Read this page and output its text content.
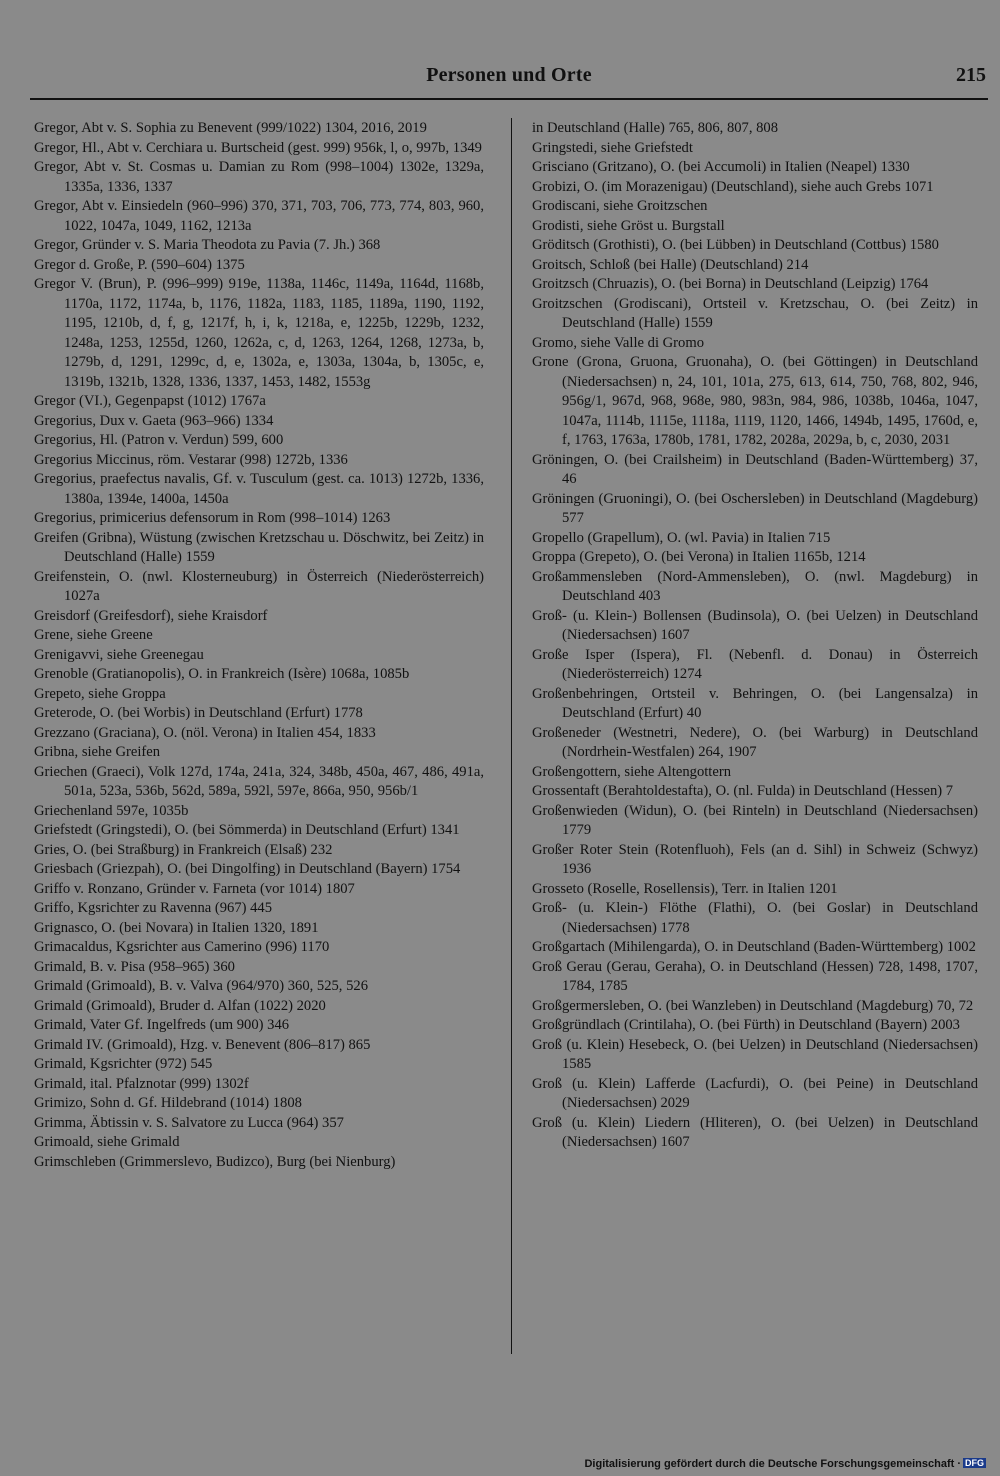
Personen und Orte	215
Gregor, Abt v. S. Sophia zu Benevent (999/1022) 1304, 2016, 2019
Gregor, Hl., Abt v. Cerchiara u. Burtscheid (gest. 999) 956k, l, o, 997b, 1349
Gregor, Abt v. St. Cosmas u. Damian zu Rom (998–1004) 1302e, 1329a, 1335a, 1336, 1337
Gregor, Abt v. Einsiedeln (960–996) 370, 371, 703, 706, 773, 774, 803, 960, 1022, 1047a, 1049, 1162, 1213a
Gregor, Gründer v. S. Maria Theodota zu Pavia (7. Jh.) 368
Gregor d. Große, P. (590–604) 1375
Gregor V. (Brun), P. (996–999) 919e, 1138a, 1146c, 1149a, 1164d, 1168b, 1170a, 1172, 1174a, b, 1176, 1182a, 1183, 1185, 1189a, 1190, 1192, 1195, 1210b, d, f, g, 1217f, h, i, k, 1218a, e, 1225b, 1229b, 1232, 1248a, 1253, 1255d, 1260, 1262a, c, d, 1263, 1264, 1268, 1273a, b, 1279b, d, 1291, 1299c, d, e, 1302a, e, 1303a, 1304a, b, 1305c, e, 1319b, 1321b, 1328, 1336, 1337, 1453, 1482, 1553g
Gregor (VI.), Gegenpapst (1012) 1767a
Gregorius, Dux v. Gaeta (963–966) 1334
Gregorius, Hl. (Patron v. Verdun) 599, 600
Gregorius Miccinus, röm. Vestarar (998) 1272b, 1336
Gregorius, praefectus navalis, Gf. v. Tusculum (gest. ca. 1013) 1272b, 1336, 1380a, 1394e, 1400a, 1450a
Gregorius, primicerius defensorum in Rom (998–1014) 1263
Greifen (Gribna), Wüstung (zwischen Kretzschau u. Döschwitz, bei Zeitz) in Deutschland (Halle) 1559
Greifenstein, O. (nwl. Klosterneuburg) in Österreich (Niederösterreich) 1027a
Greisdorf (Greifesdorf), siehe Kraisdorf
Grene, siehe Greene
Grenigavvi, siehe Greenegau
Grenoble (Gratianopolis), O. in Frankreich (Isère) 1068a, 1085b
Grepeto, siehe Groppa
Greterode, O. (bei Worbis) in Deutschland (Erfurt) 1778
Grezzano (Graciana), O. (nöl. Verona) in Italien 454, 1833
Gribna, siehe Greifen
Griechen (Graeci), Volk 127d, 174a, 241a, 324, 348b, 450a, 467, 486, 491a, 501a, 523a, 536b, 562d, 589a, 592l, 597e, 866a, 950, 956b/1
Griechenland 597e, 1035b
Griefstedt (Gringstedi), O. (bei Sömmerda) in Deutschland (Erfurt) 1341
Gries, O. (bei Straßburg) in Frankreich (Elsaß) 232
Griesbach (Griezpah), O. (bei Dingolfing) in Deutschland (Bayern) 1754
Griffo v. Ronzano, Gründer v. Farneta (vor 1014) 1807
Griffo, Kgsrichter zu Ravenna (967) 445
Grignasco, O. (bei Novara) in Italien 1320, 1891
Grimacaldus, Kgsrichter aus Camerino (996) 1170
Grimald, B. v. Pisa (958–965) 360
Grimald (Grimoald), B. v. Valva (964/970) 360, 525, 526
Grimald (Grimoald), Bruder d. Alfan (1022) 2020
Grimald, Vater Gf. Ingelfreds (um 900) 346
Grimald IV. (Grimoald), Hzg. v. Benevent (806–817) 865
Grimald, Kgsrichter (972) 545
Grimald, ital. Pfalznotar (999) 1302f
Grimizo, Sohn d. Gf. Hildebrand (1014) 1808
Grimma, Äbtissin v. S. Salvatore zu Lucca (964) 357
Grimoald, siehe Grimald
Grimschleben (Grimmerslevo, Budizco), Burg (bei Nienburg)
in Deutschland (Halle) 765, 806, 807, 808
Gringstedi, siehe Griefstedt
Grisciano (Gritzano), O. (bei Accumoli) in Italien (Neapel) 1330
Grobizi, O. (im Morazenigau) (Deutschland), siehe auch Grebs 1071
Grodiscani, siehe Groitzschen
Grodisti, siehe Gröst u. Burgstall
Gröditsch (Grothisti), O. (bei Lübben) in Deutschland (Cottbus) 1580
Groitsch, Schloß (bei Halle) (Deutschland) 214
Groitzsch (Chruazis), O. (bei Borna) in Deutschland (Leipzig) 1764
Groitzschen (Grodiscani), Ortsteil v. Kretzschau, O. (bei Zeitz) in Deutschland (Halle) 1559
Gromo, siehe Valle di Gromo
Grone (Grona, Gruona, Gruonaha), O. (bei Göttingen) in Deutschland (Niedersachsen) n, 24, 101, 101a, 275, 613, 614, 750, 768, 802, 946, 956g/1, 967d, 968, 968e, 980, 983n, 984, 986, 1038b, 1046a, 1047, 1047a, 1114b, 1115e, 1118a, 1119, 1120, 1466, 1494b, 1495, 1760d, e, f, 1763, 1763a, 1780b, 1781, 1782, 2028a, 2029a, b, c, 2030, 2031
Gröningen, O. (bei Crailsheim) in Deutschland (Baden-Württemberg) 37, 46
Gröningen (Gruoningi), O. (bei Oschersleben) in Deutschland (Magdeburg) 577
Gropello (Grapellum), O. (wl. Pavia) in Italien 715
Groppa (Grepeto), O. (bei Verona) in Italien 1165b, 1214
Großammensleben (Nord-Ammensleben), O. (nwl. Magdeburg) in Deutschland 403
Groß- (u. Klein-) Bollensen (Budinsola), O. (bei Uelzen) in Deutschland (Niedersachsen) 1607
Große Isper (Ispera), Fl. (Nebenfl. d. Donau) in Österreich (Niederösterreich) 1274
Großenbehringen, Ortsteil v. Behringen, O. (bei Langensalza) in Deutschland (Erfurt) 40
Großeneder (Westnetri, Nedere), O. (bei Warburg) in Deutschland (Nordrhein-Westfalen) 264, 1907
Großengottern, siehe Altengottern
Grossentaft (Berahtoldestafta), O. (nl. Fulda) in Deutschland (Hessen) 7
Großenwieden (Widun), O. (bei Rinteln) in Deutschland (Niedersachsen) 1779
Großer Roter Stein (Rotenfluoh), Fels (an d. Sihl) in Schweiz (Schwyz) 1936
Grosseto (Roselle, Rosellensis), Terr. in Italien 1201
Groß- (u. Klein-) Flöthe (Flathi), O. (bei Goslar) in Deutschland (Niedersachsen) 1778
Großgartach (Mihilengarda), O. in Deutschland (Baden-Württemberg) 1002
Groß Gerau (Gerau, Geraha), O. in Deutschland (Hessen) 728, 1498, 1707, 1784, 1785
Großgermersleben, O. (bei Wanzleben) in Deutschland (Magdeburg) 70, 72
Großgründlach (Crintilaha), O. (bei Fürth) in Deutschland (Bayern) 2003
Groß (u. Klein) Hesebeck, O. (bei Uelzen) in Deutschland (Niedersachsen) 1585
Groß (u. Klein) Lafferde (Lacfurdi), O. (bei Peine) in Deutschland (Niedersachsen) 2029
Groß (u. Klein) Liedern (Hliteren), O. (bei Uelzen) in Deutschland (Niedersachsen) 1607
Digitalisierung gefördert durch die Deutsche Forschungsgemeinschaft · DFG
